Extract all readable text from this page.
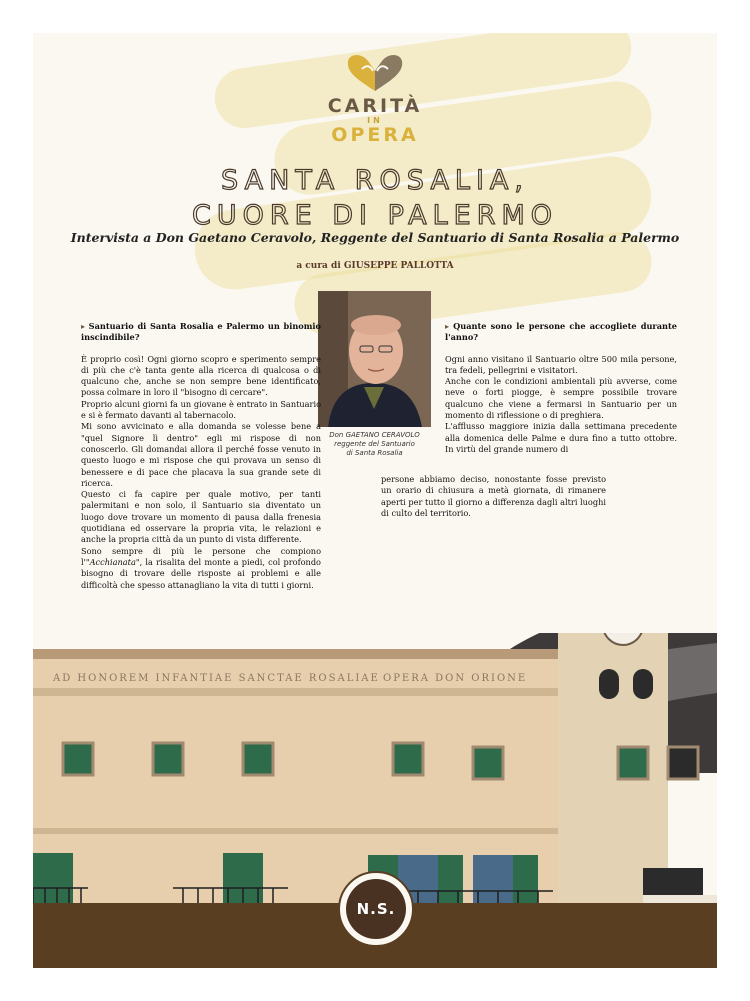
CARITÀ
IN
OPERA
SANTA ROSALIA,
CUORE DI PALERMO
Intervista a Don Gaetano Ceravolo, Reggente del Santuario di Santa Rosalia a Palermo
a cura di GIUSEPPE PALLOTTA
Don GAETANO CERAVOLO
reggente del Santuario
di Santa Rosalia

▸ Santuario di Santa Rosalia e Palermo un binomio inscindibile?

È proprio così! Ogni giorno scopro e sperimento sempre di più che c'è tanta gente alla ricerca di qualcosa o di qualcuno che, anche se non sempre bene identificato, possa colmare in loro il "bisogno di cercare".

Proprio alcuni giorni fa un giovane è entrato in Santuario e si è fermato davanti al tabernacolo.

Mi sono avvicinato e alla domanda se volesse bene a "quel Signore lì dentro" egli mi rispose di non conoscerlo. Gli domandai allora il perché fosse venuto in questo luogo e mi rispose che qui provava un senso di benessere e di pace che placava la sua grande sete di ricerca.

Questo ci fa capire per quale motivo, per tanti palermitani e non solo, il Santuario sia diventato un luogo dove trovare un momento di pausa dalla frenesia quotidiana ed osservare la propria vita, le relazioni e anche la propria città da un punto di vista differente.

Sono sempre di più le persone che compiono l'"Acchianata", la risalita del monte a piedi, col profondo bisogno di trovare delle risposte ai problemi e alle difficoltà che spesso attanagliano la vita di tutti i giorni.

▸ Quante sono le persone che accogliete durante l'anno?

Ogni anno visitano il Santuario oltre 500 mila persone, tra fedeli, pellegrini e visitatori.

Anche con le condizioni ambientali più avverse, come neve o forti piogge, è sempre possibile trovare qualcuno che viene a fermarsi in Santuario per un momento di riflessione o di preghiera.

L'afflusso maggiore inizia dalla settimana precedente alla domenica delle Palme e dura fino a tutto ottobre. In virtù del grande numero di

persone abbiamo deciso, nonostante fosse previsto un orario di chiusura a metà giornata, di rimanere aperti per tutto il giorno a differenza dagli altri luoghi di culto del territorio.

AD HONOREM INFANTIAE SANCTAE ROSALIAE OPERA DON ORIONE
N.S.
